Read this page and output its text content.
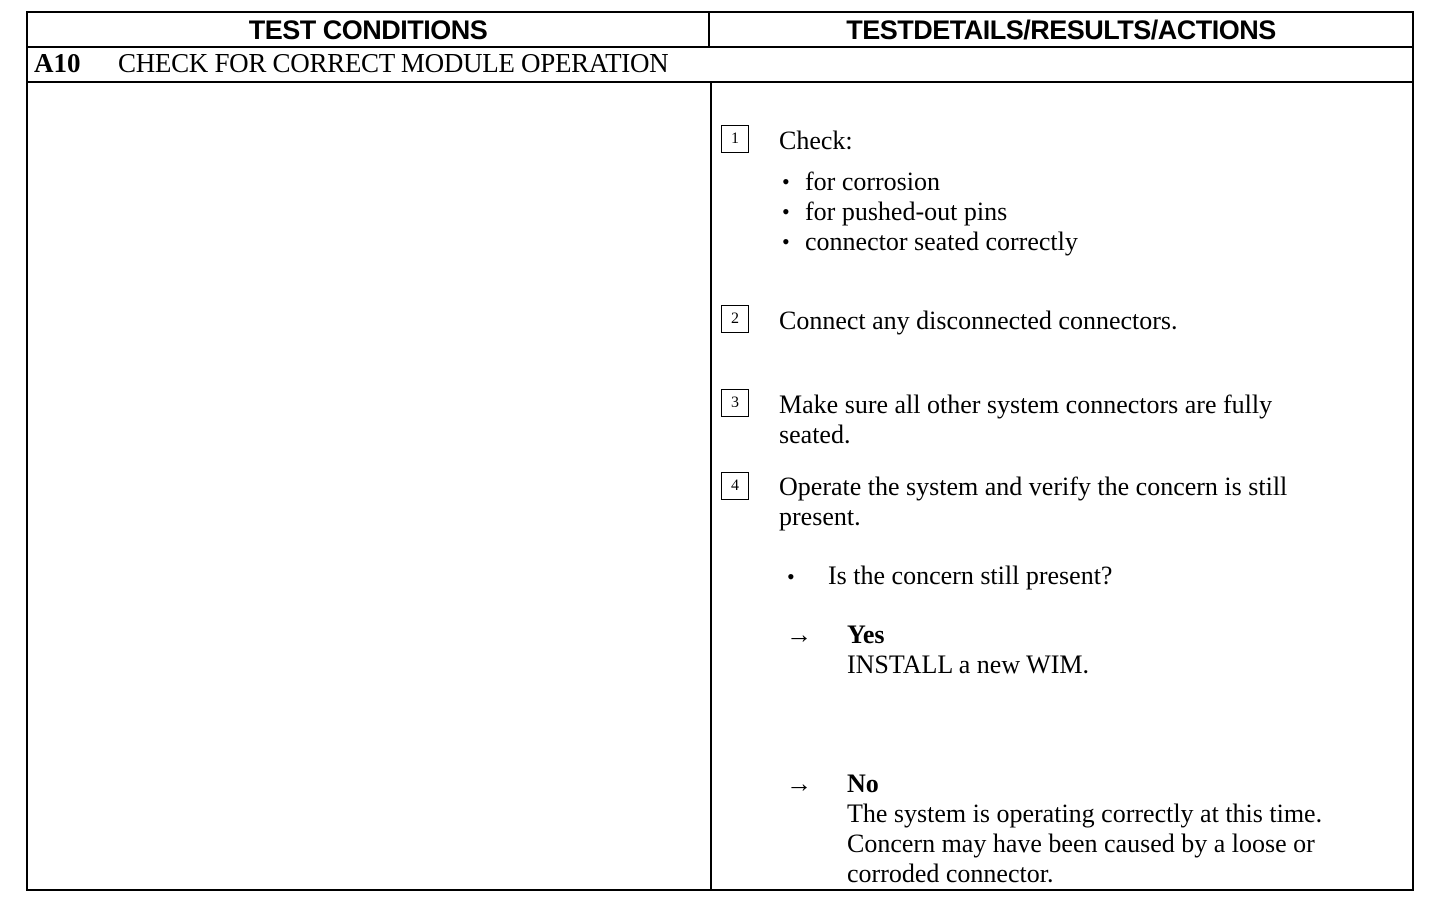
TEST CONDITIONS	TESTDETAILS/RESULTS/ACTIONS
A10 CHECK FOR CORRECT MODULE OPERATION
1	Check:
• for corrosion
• for pushed-out pins
• connector seated correctly
2	Connect any disconnected connectors.
3	Make sure all other system connectors are fully
seated.
4	Operate the system and verify the concern is still
present.
• Is the concern still present?
→ Yes
INSTALL a new WIM.
→ No
The system is operating correctly at this time.
Concern may have been caused by a loose or
corroded connector.
